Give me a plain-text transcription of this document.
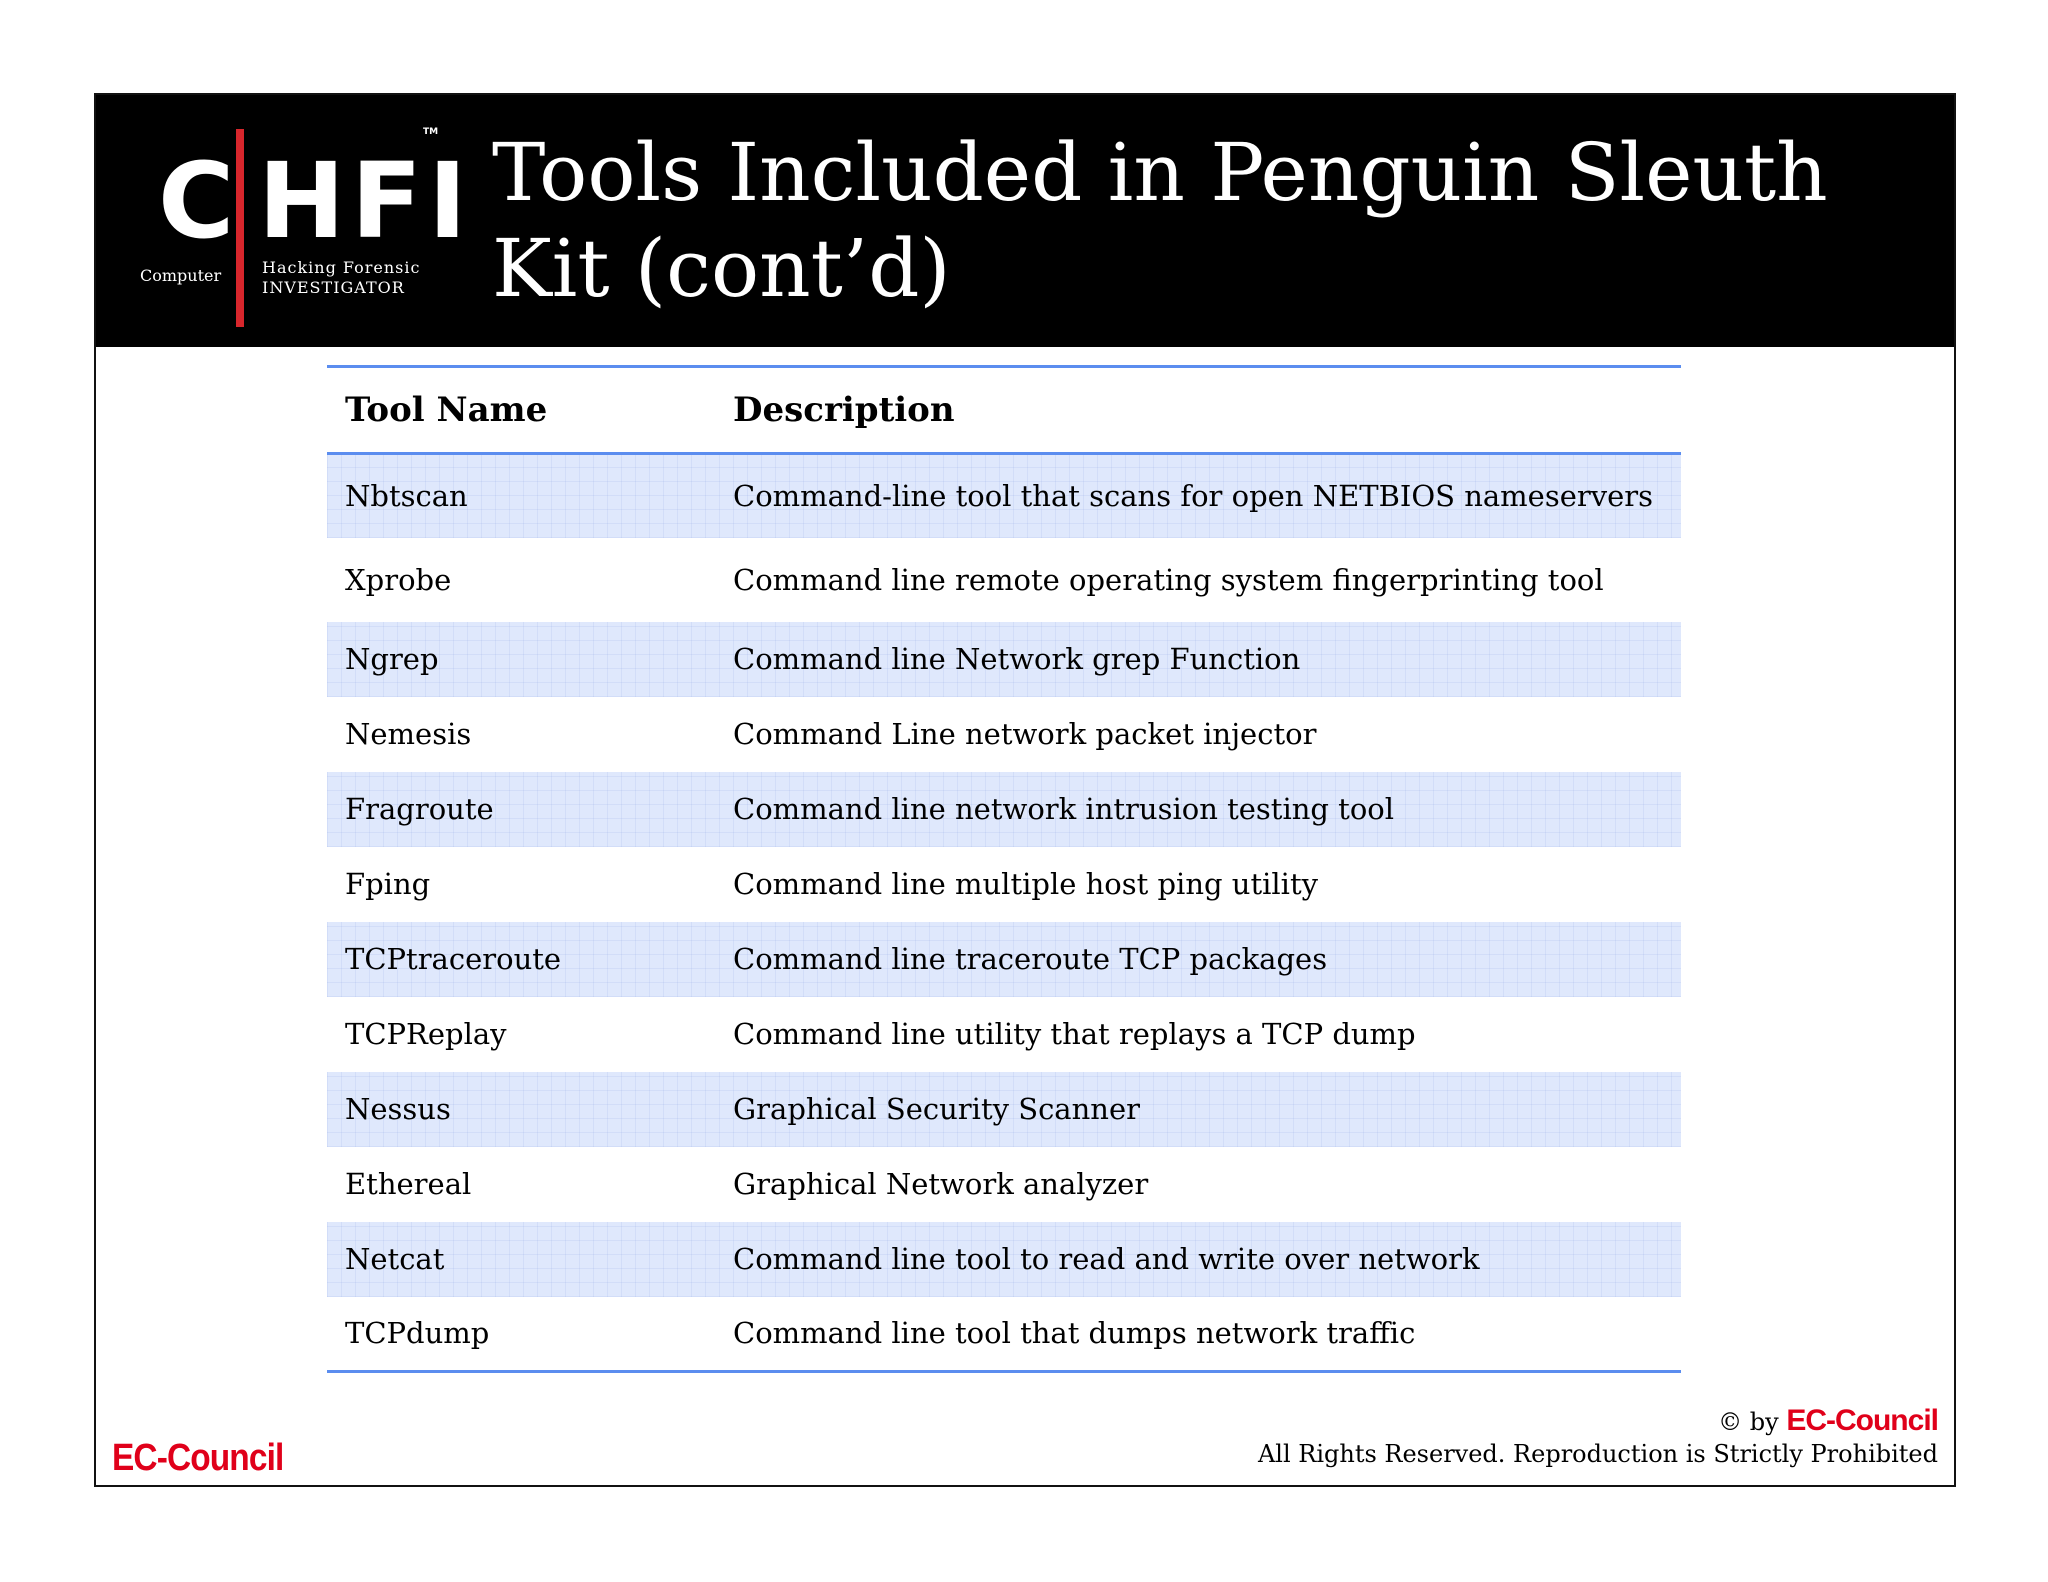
C HFI
TM
Computer	Hacking Forensic
INVESTIGATOR
Tools Included in Penguin Sleuth Kit (cont’d)
Tool Name	Description
Nbtscan	Command-line tool that scans for open NETBIOS nameservers
Xprobe	Command line remote operating system fingerprinting tool
Ngrep	Command line Network grep Function
Nemesis	Command Line network packet injector
Fragroute	Command line network intrusion testing tool
Fping	Command line multiple host ping utility
TCPtraceroute	Command line traceroute TCP packages
TCPReplay	Command line utility that replays a TCP dump
Nessus	Graphical Security Scanner
Ethereal	Graphical Network analyzer
Netcat	Command line tool to read and write over network
TCPdump	Command line tool that dumps network traffic
EC-Council
© by EC-Council
All Rights Reserved. Reproduction is Strictly Prohibited
